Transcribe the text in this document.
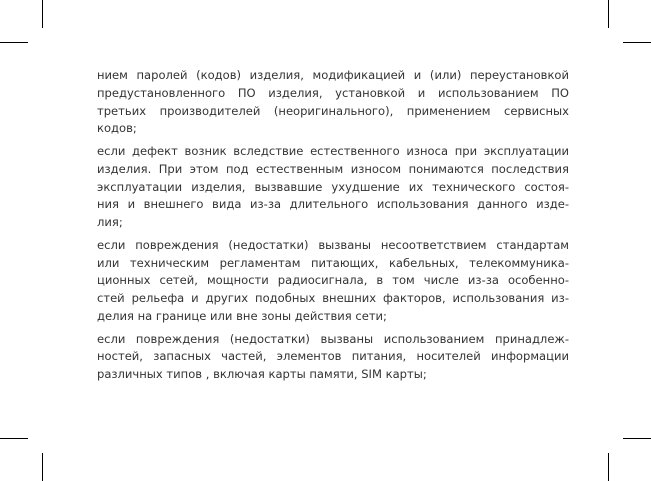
нием паролей (кодов) изделия, модификацией и (или) переустановкой
предустановленного ПО изделия, установкой и использованием ПО
третьих производителей (неоригинального), применением сервисных
кодов;
если дефект возник вследствие естественного износа при эксплуатации
изделия. При этом под естественным износом понимаются последствия
эксплуатации изделия, вызвавшие ухудшение их технического состоя-
ния и внешнего вида из-за длительного использования данного изде-
лия;
если повреждения (недостатки) вызваны несоответствием стандартам
или техническим регламентам питающих, кабельных, телекоммуника-
ционных сетей, мощности радиосигнала, в том числе из-за особенно-
стей рельефа и других подобных внешних факторов, использования из-
делия на границе или вне зоны действия сети;
если повреждения (недостатки) вызваны использованием принадлеж-
ностей, запасных частей, элементов питания, носителей информации
различных типов , включая карты памяти, SIM карты;
